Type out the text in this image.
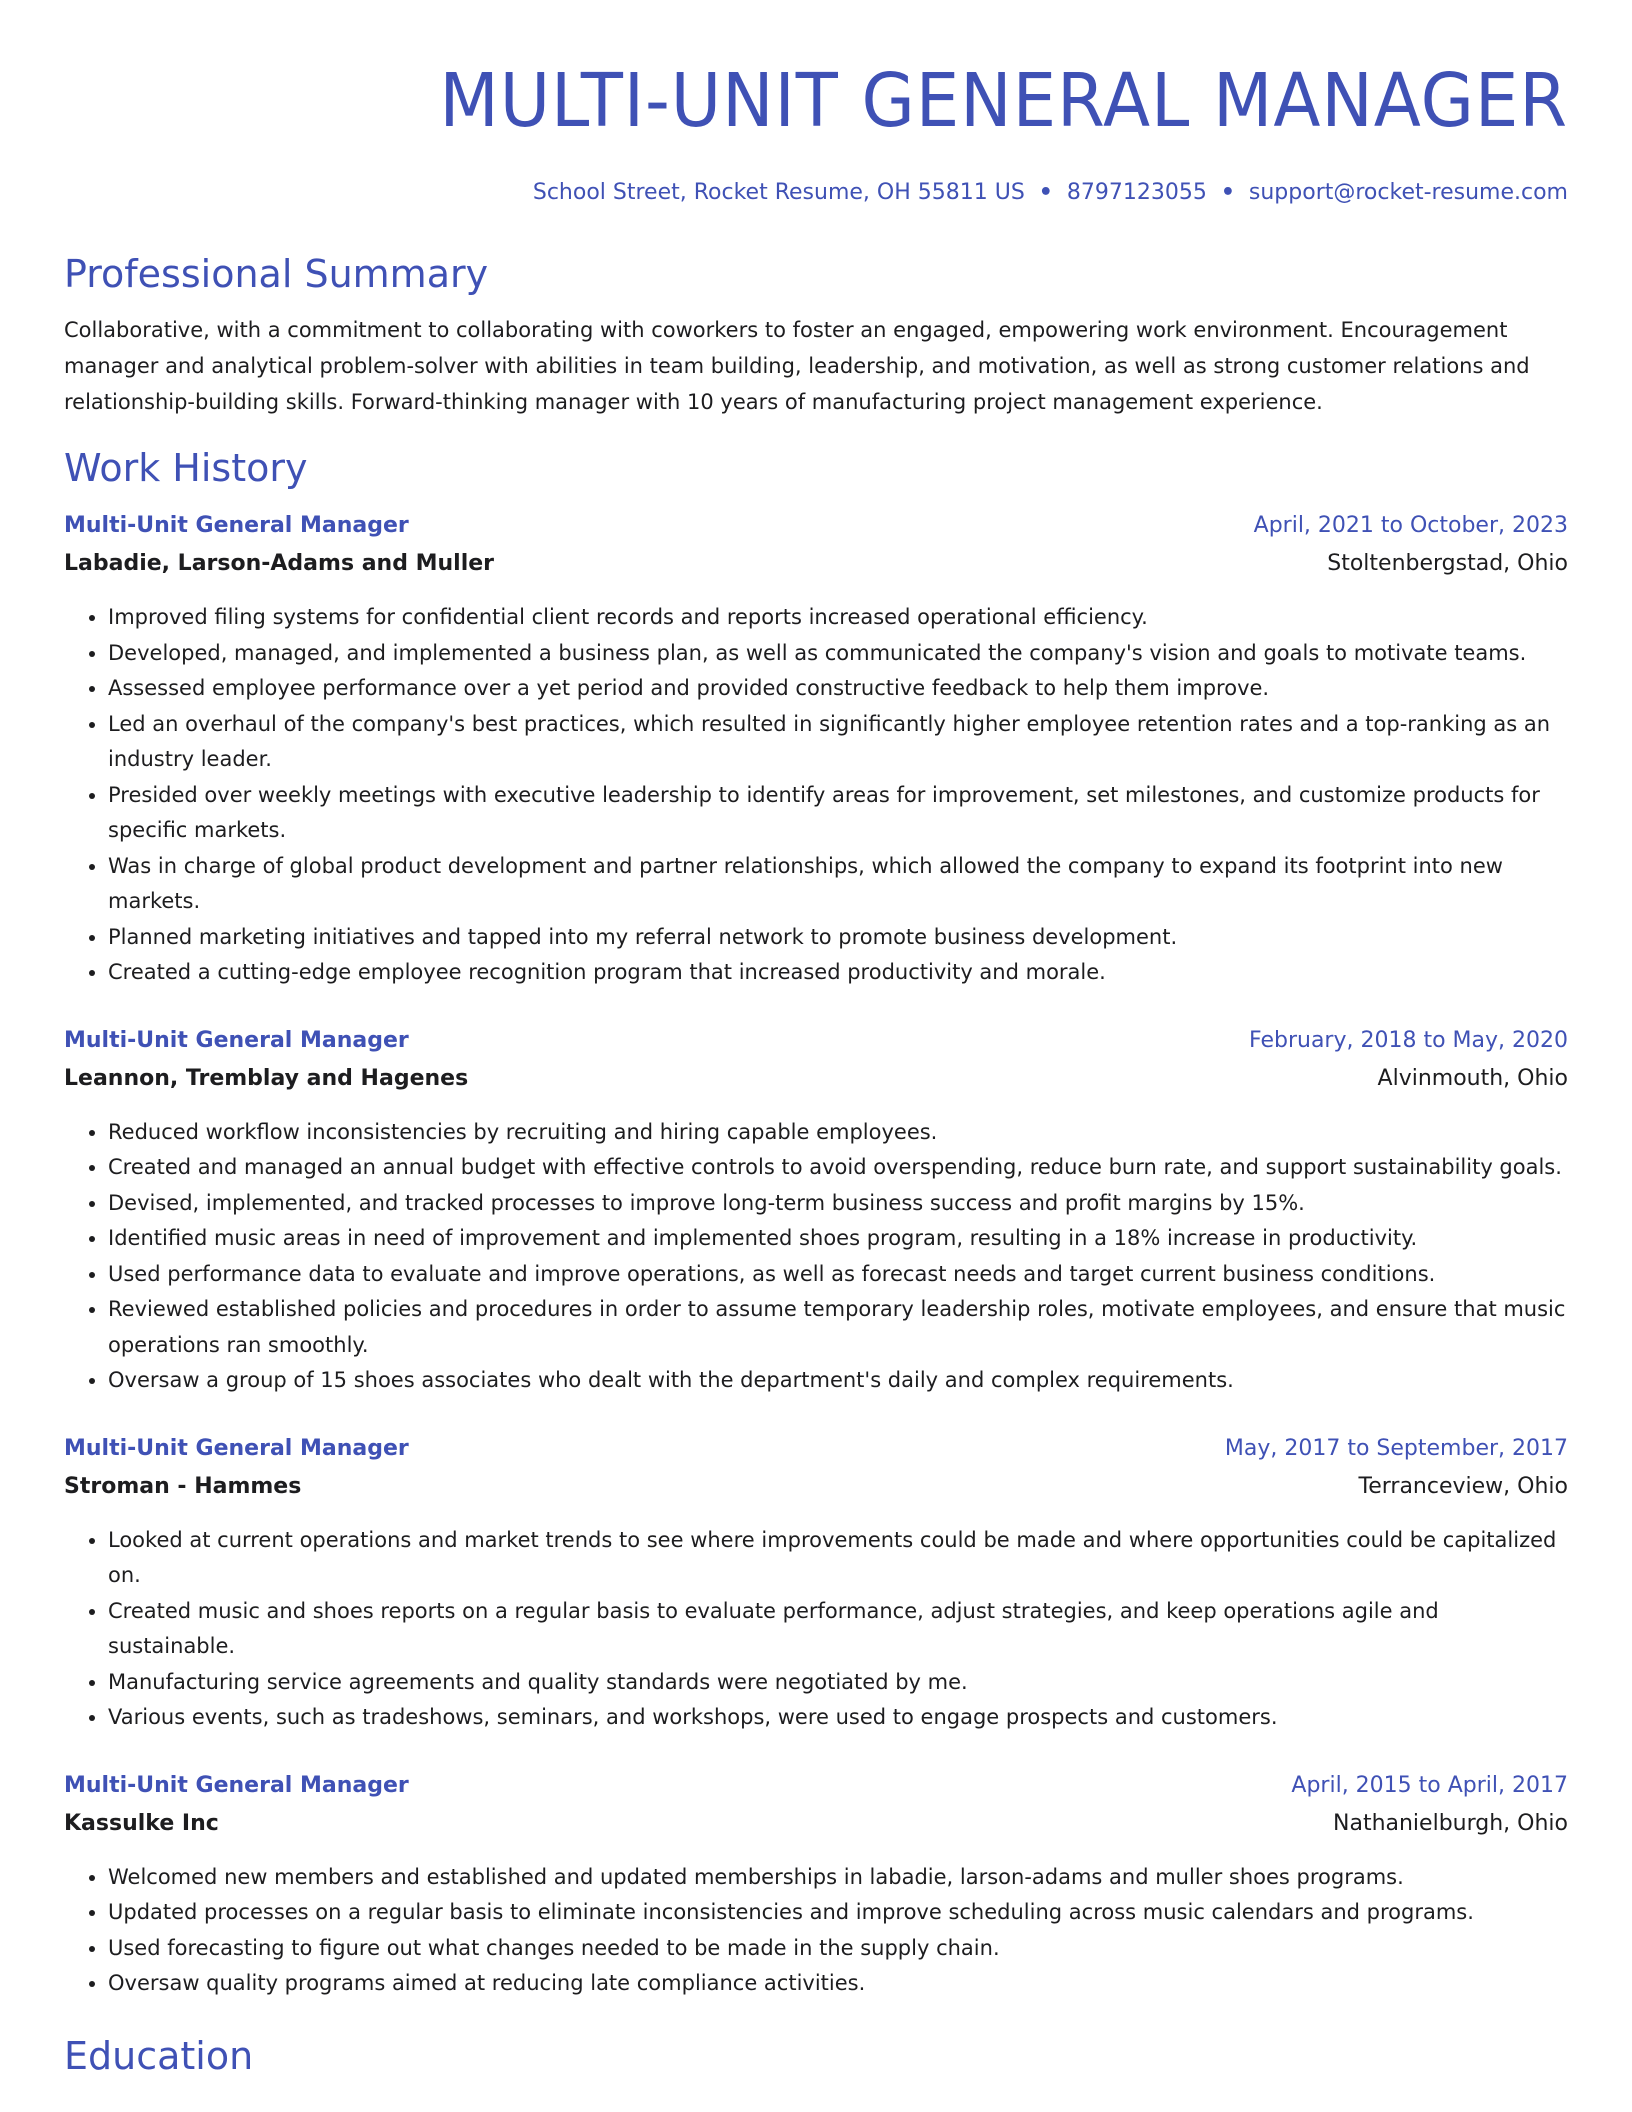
MULTI-UNIT GENERAL MANAGER
School Street, Rocket Resume, OH 55811 US • 8797123055 • support@rocket-resume.com
Professional Summary
Collaborative, with a commitment to collaborating with coworkers to foster an engaged, empowering work environment. Encouragement manager and analytical problem-solver with abilities in team building, leadership, and motivation, as well as strong customer relations and relationship-building skills. Forward-thinking manager with 10 years of manufacturing project management experience.
Work History
Multi-Unit General Manager	April, 2021 to October, 2023
Labadie, Larson-Adams and Muller	Stoltenbergstad, Ohio
• Improved filing systems for confidential client records and reports increased operational efficiency.
• Developed, managed, and implemented a business plan, as well as communicated the company's vision and goals to motivate teams.
• Assessed employee performance over a yet period and provided constructive feedback to help them improve.
• Led an overhaul of the company's best practices, which resulted in significantly higher employee retention rates and a top-ranking as an industry leader.
• Presided over weekly meetings with executive leadership to identify areas for improvement, set milestones, and customize products for specific markets.
• Was in charge of global product development and partner relationships, which allowed the company to expand its footprint into new markets.
• Planned marketing initiatives and tapped into my referral network to promote business development.
• Created a cutting-edge employee recognition program that increased productivity and morale.
Multi-Unit General Manager	February, 2018 to May, 2020
Leannon, Tremblay and Hagenes	Alvinmouth, Ohio
• Reduced workflow inconsistencies by recruiting and hiring capable employees.
• Created and managed an annual budget with effective controls to avoid overspending, reduce burn rate, and support sustainability goals.
• Devised, implemented, and tracked processes to improve long-term business success and profit margins by 15%.
• Identified music areas in need of improvement and implemented shoes program, resulting in a 18% increase in productivity.
• Used performance data to evaluate and improve operations, as well as forecast needs and target current business conditions.
• Reviewed established policies and procedures in order to assume temporary leadership roles, motivate employees, and ensure that music operations ran smoothly.
• Oversaw a group of 15 shoes associates who dealt with the department's daily and complex requirements.
Multi-Unit General Manager	May, 2017 to September, 2017
Stroman - Hammes	Terranceview, Ohio
• Looked at current operations and market trends to see where improvements could be made and where opportunities could be capitalized on.
• Created music and shoes reports on a regular basis to evaluate performance, adjust strategies, and keep operations agile and sustainable.
• Manufacturing service agreements and quality standards were negotiated by me.
• Various events, such as tradeshows, seminars, and workshops, were used to engage prospects and customers.
Multi-Unit General Manager	April, 2015 to April, 2017
Kassulke Inc	Nathanielburgh, Ohio
• Welcomed new members and established and updated memberships in labadie, larson-adams and muller shoes programs.
• Updated processes on a regular basis to eliminate inconsistencies and improve scheduling across music calendars and programs.
• Used forecasting to figure out what changes needed to be made in the supply chain.
• Oversaw quality programs aimed at reducing late compliance activities.
Education
